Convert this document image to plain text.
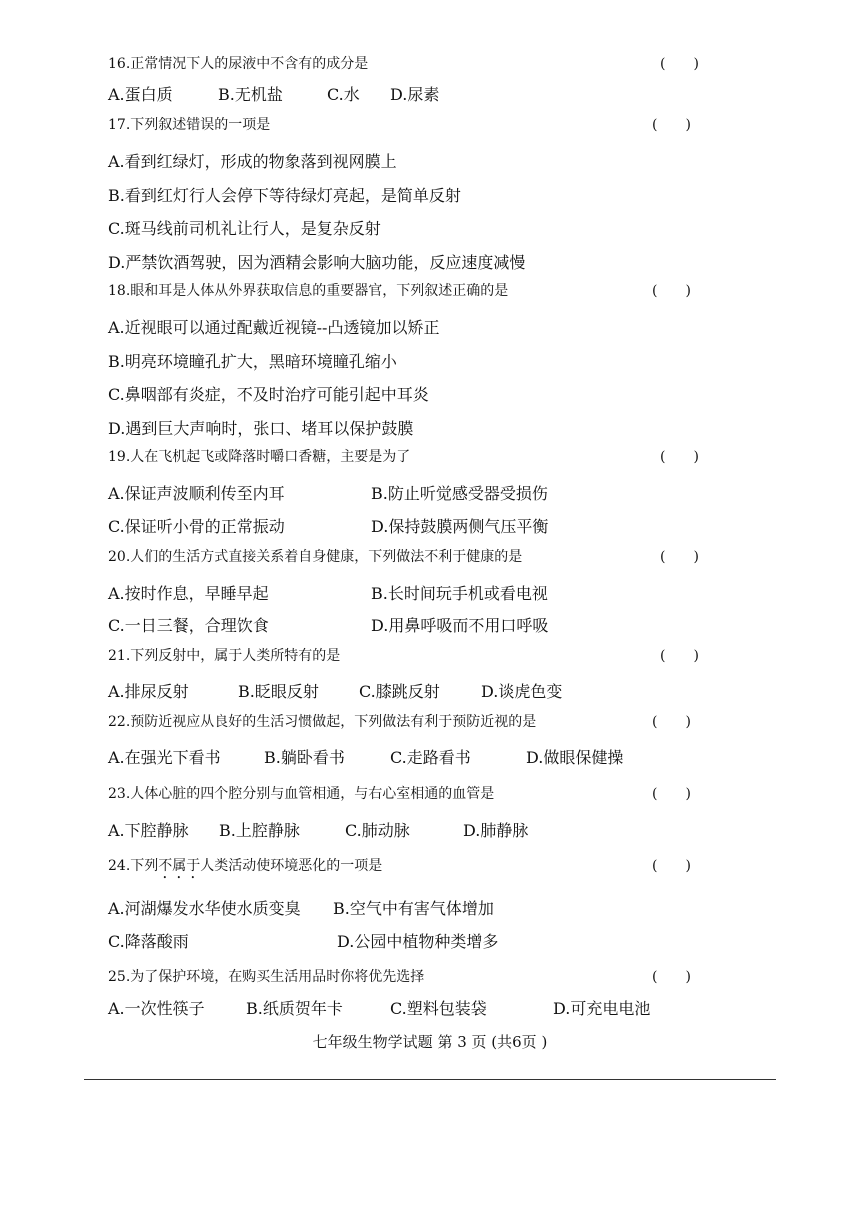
16.正常情况下人的尿液中不含有的成分是	(　　)
A.蛋白质	B.无机盐	C.水 D.尿素
17.下列叙述错误的一项是	(　　)
A.看到红绿灯，形成的物象落到视网膜上
B.看到红灯行人会停下等待绿灯亮起，是简单反射
C.斑马线前司机礼让行人，是复杂反射
D.严禁饮酒驾驶，因为酒精会影响大脑功能，反应速度减慢
18.眼和耳是人体从外界获取信息的重要器官，下列叙述正确的是	(　　)
A.近视眼可以通过配戴近视镜--凸透镜加以矫正
B.明亮环境瞳孔扩大，黑暗环境瞳孔缩小
C.鼻咽部有炎症，不及时治疗可能引起中耳炎
D.遇到巨大声响时，张口、堵耳以保护鼓膜
19.人在飞机起飞或降落时嚼口香糖，主要是为了	(　　)
A.保证声波顺利传至内耳	B.防止听觉感受器受损伤
C.保证听小骨的正常振动	D.保持鼓膜两侧气压平衡
20.人们的生活方式直接关系着自身健康，下列做法不利于健康的是	(　　)
A.按时作息，早睡早起	B.长时间玩手机或看电视
C.一日三餐，合理饮食	D.用鼻呼吸而不用口呼吸
21.下列反射中，属于人类所特有的是	(　　)
A.排尿反射	B.眨眼反射	C.膝跳反射	D.谈虎色变
22.预防近视应从良好的生活习惯做起，下列做法有利于预防近视的是	(　　)
A.在强光下看书	B.躺卧看书	C.走路看书	D.做眼保健操
23.人体心脏的四个腔分别与血管相通，与右心室相通的血管是	(　　)
A.下腔静脉 B.上腔静脉	C.肺动脉	D.肺静脉
24.下列不属于人类活动使环境恶化的一项是	(　　)
A.河湖爆发水华使水质变臭 B.空气中有害气体增加
C.降落酸雨	D.公园中植物种类增多
25.为了保护环境，在购买生活用品时你将优先选择	(　　)
A.一次性筷子	B.纸质贺年卡	C.塑料包装袋	D.可充电电池
七年级生物学试题 第 3 页 (共6页 )
